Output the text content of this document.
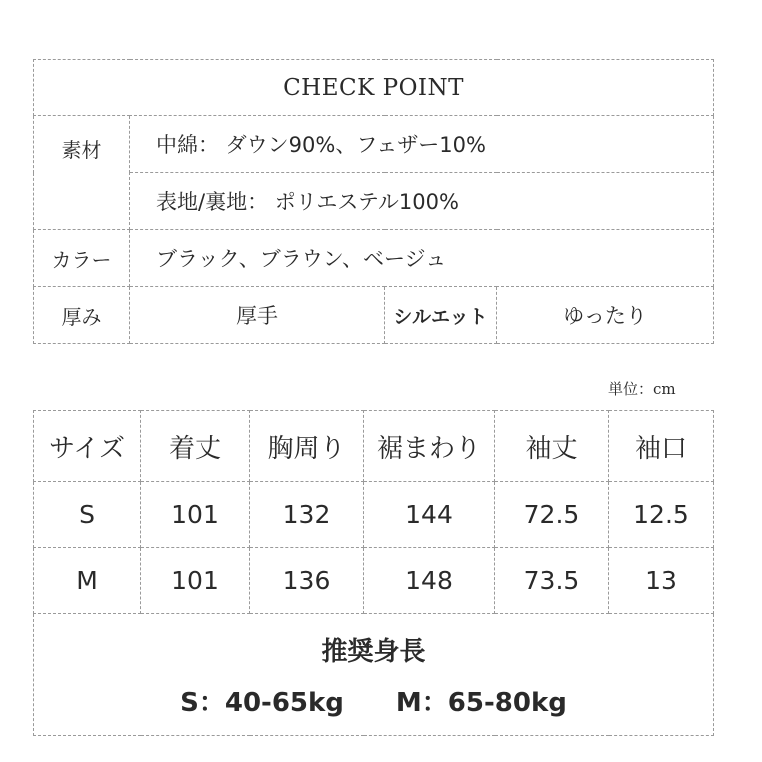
CHECK POINT			
素材	中綿： ダウン90%、フェザー10%		
	表地/裏地： ポリエステル100%		
カラー	ブラック、ブラウン、ベージュ		
厚み	厚手	シルエット	ゆったり
単位：cm
サイズ	着丈	胸周り	裾まわり	袖丈	袖口
S	101	132	144	72.5	12.5
M	101	136	148	73.5	13

推奨身長
S：40-65kg M：65-80kg					
